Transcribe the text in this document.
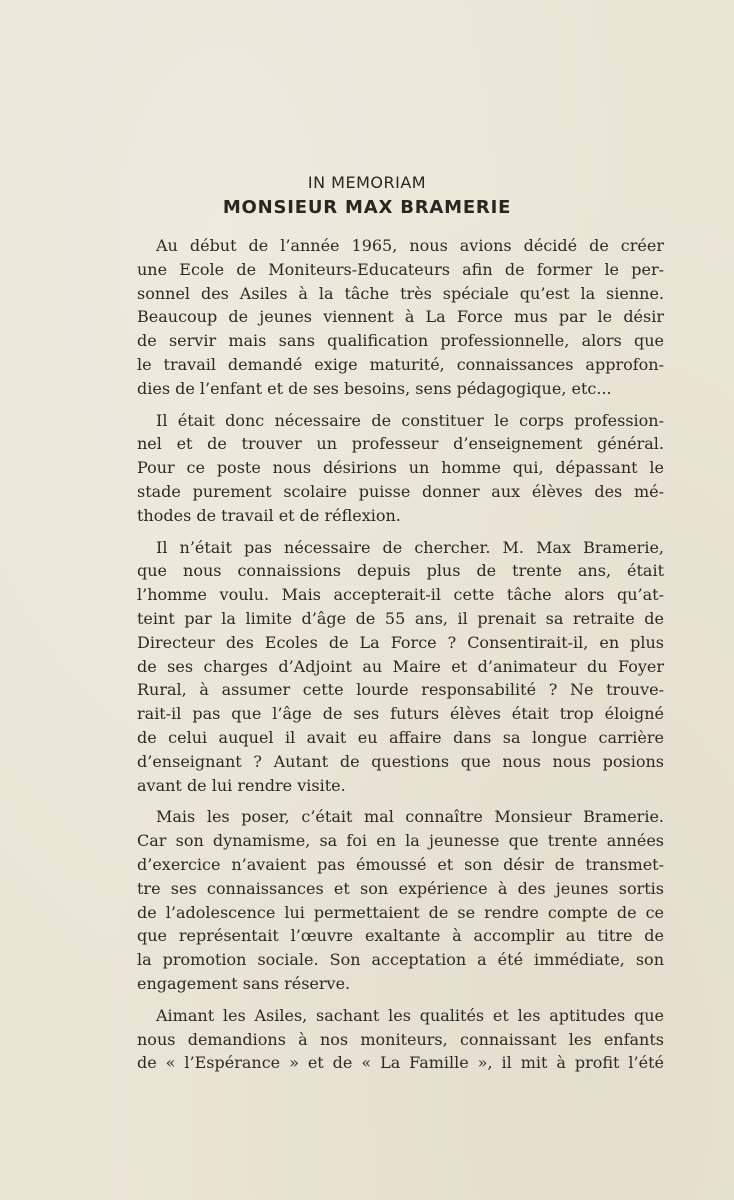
IN MEMORIAM
MONSIEUR MAX BRAMERIE
Au début de l’année 1965, nous avions décidé de créer
une Ecole de Moniteurs-Educateurs afin de former le per-
sonnel des Asiles à la tâche très spéciale qu’est la sienne.
Beaucoup de jeunes viennent à La Force mus par le désir
de servir mais sans qualification professionnelle, alors que
le travail demandé exige maturité, connaissances approfon-
dies de l’enfant et de ses besoins, sens pédagogique, etc...
Il était donc nécessaire de constituer le corps profession-
nel et de trouver un professeur d’enseignement général.
Pour ce poste nous désirions un homme qui, dépassant le
stade purement scolaire puisse donner aux élèves des mé-
thodes de travail et de réflexion.
Il n’était pas nécessaire de chercher. M. Max Bramerie,
que nous connaissions depuis plus de trente ans, était
l’homme voulu. Mais accepterait-il cette tâche alors qu’at-
teint par la limite d’âge de 55 ans, il prenait sa retraite de
Directeur des Ecoles de La Force ? Consentirait-il, en plus
de ses charges d’Adjoint au Maire et d’animateur du Foyer
Rural, à assumer cette lourde responsabilité ? Ne trouve-
rait-il pas que l’âge de ses futurs élèves était trop éloigné
de celui auquel il avait eu affaire dans sa longue carrière
d’enseignant ? Autant de questions que nous nous posions
avant de lui rendre visite.
Mais les poser, c’était mal connaître Monsieur Bramerie.
Car son dynamisme, sa foi en la jeunesse que trente années
d’exercice n’avaient pas émoussé et son désir de transmet-
tre ses connaissances et son expérience à des jeunes sortis
de l’adolescence lui permettaient de se rendre compte de ce
que représentait l’œuvre exaltante à accomplir au titre de
la promotion sociale. Son acceptation a été immédiate, son
engagement sans réserve.
Aimant les Asiles, sachant les qualités et les aptitudes que
nous demandions à nos moniteurs, connaissant les enfants
de « l’Espérance » et de « La Famille », il mit à profit l’été
